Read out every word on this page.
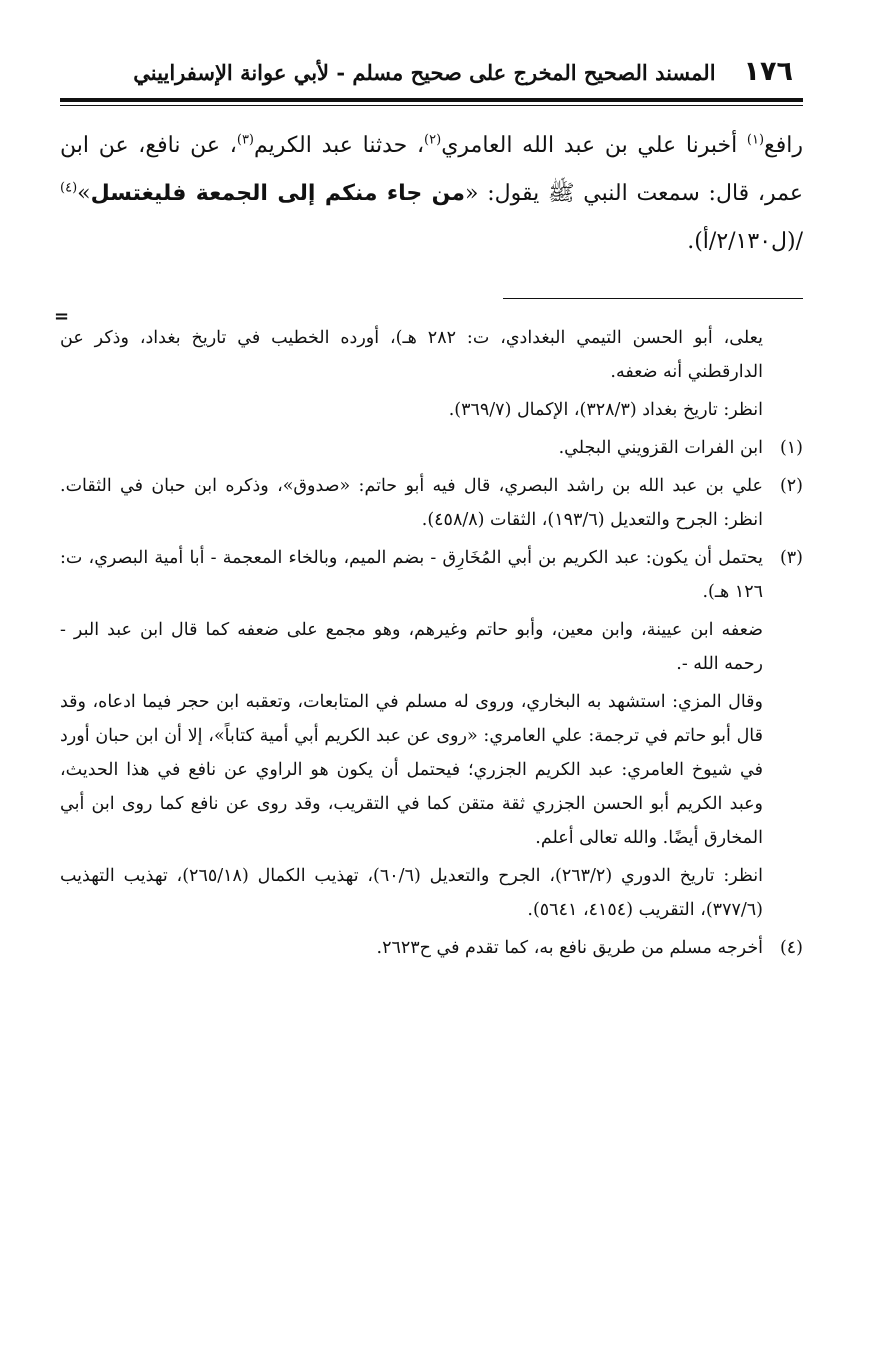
١٧٦
المسند الصحيح المخرج على صحيح مسلم - لأبي عوانة الإسفراييني
رافع$^{(١)}$ أخبرنا علي بن عبد الله العامري$^{(٢)}$، حدثنا عبد الكريم$^{(٣)}$، عن نافع، عن ابن عمر، قال: سمعت النبي ﷺ يقول: «من جاء منكم إلى الجمعة فليغتسل»$^{(٤)}$ /(ل٢/١٣٠/أ).
=

يعلى، أبو الحسن التيمي البغدادي، ت: ٢٨٢ هـ)، أورده الخطيب في تاريخ بغداد، وذكر عن الدارقطني أنه ضعفه.

انظر: تاريخ بغداد (٣٢٨/٣)، الإكمال (٣٦٩/٧).

(١)ابن الفرات القزويني البجلي.

(٢)علي بن عبد الله بن راشد البصري، قال فيه أبو حاتم: «صدوق»، وذكره ابن حبان في الثقات. انظر: الجرح والتعديل (١٩٣/٦)، الثقات (٤٥٨/٨).

(٣)يحتمل أن يكون: عبد الكريم بن أبي المُخَارِق - بضم الميم، وبالخاء المعجمة - أبا أمية البصري، ت: ١٢٦ هـ).

ضعفه ابن عيينة، وابن معين، وأبو حاتم وغيرهم، وهو مجمع على ضعفه كما قال ابن عبد البر - رحمه الله -.

وقال المزي: استشهد به البخاري، وروى له مسلم في المتابعات، وتعقبه ابن حجر فيما ادعاه، وقد قال أبو حاتم في ترجمة: علي العامري: «روى عن عبد الكريم أبي أمية كتاباً»، إلا أن ابن حبان أورد في شيوخ العامري: عبد الكريم الجزري؛ فيحتمل أن يكون هو الراوي عن نافع في هذا الحديث، وعبد الكريم أبو الحسن الجزري ثقة متقن كما في التقريب، وقد روى عن نافع كما روى ابن أبي المخارق أيضًا. والله تعالى أعلم.

انظر: تاريخ الدوري (٢٦٣/٢)، الجرح والتعديل (٦٠/٦)، تهذيب الكمال (٢٦٥/١٨)، تهذيب التهذيب (٣٧٧/٦)، التقريب (٤١٥٤، ٥٦٤١).

(٤)أخرجه مسلم من طريق نافع به، كما تقدم في ح٢٦٢٣.
